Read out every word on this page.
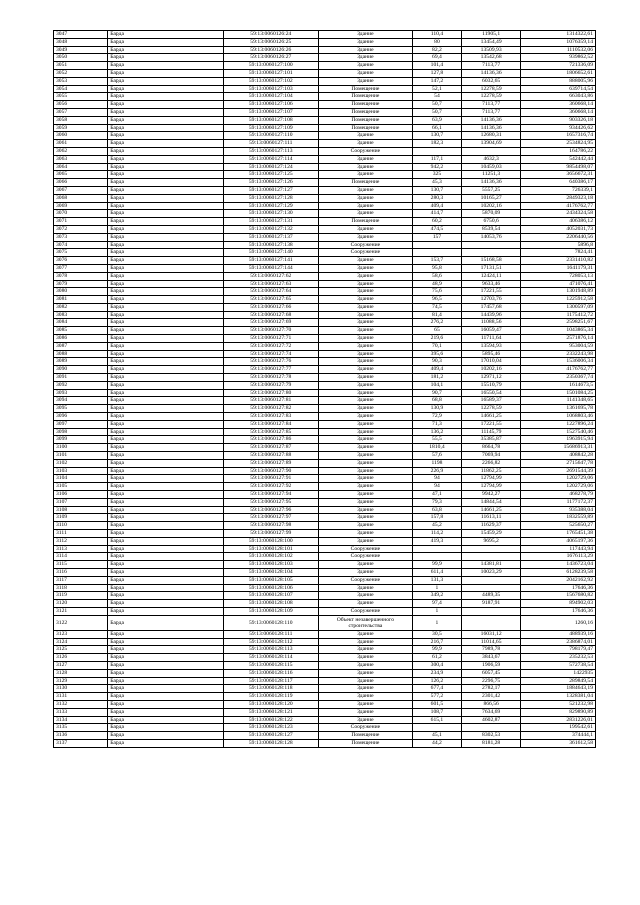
3047	Барда	59:13:0060126:24	Здание	110,4	11905,1	1314322,61
3048	Барда	59:13:0060126:25	Здание	80	13454,49	1076359,14
3049	Барда	59:13:0060126:26	Здание	82,2	13509,93	1110532,06
3050	Барда	59:13:0060126:27	Здание	69,4	13542,68	939862,52
3051	Барда	59:13:0060127:100	Здание	101,4	7113,77	721336,09
3052	Барда	59:13:0060127:101	Здание	127,8	14136,36	1806652,61
3053	Барда	59:13:0060127:102	Здание	147,2	6032,65	888005,96
3054	Барда	59:13:0060127:103	Помещение	52,1	12278,59	639714,54
3055	Барда	59:13:0060127:104	Помещение	54	12278,59	663043,86
3056	Барда	59:13:0060127:106	Помещение	50,7	7113,77	360668,14
3057	Барда	59:13:0060127:107	Помещение	50,7	7113,77	360668,14
3058	Барда	59:13:0060127:108	Помещение	63,9	14136,36	903326,18
3059	Барда	59:13:0060127:109	Помещение	66,1	14136,36	934426,62
3060	Барда	59:13:0060127:110	Здание	130,7	12680,31	1657316,74
3061	Барда	59:13:0060127:111	Здание	182,3	13904,69	2534824,95
3062	Барда	59:13:0060127:113	Сооружение			164786,22
3063	Барда	59:13:0060127:114	Здание	117,1	4632,3	542442,44
3064	Барда	59:13:0060127:124	Здание	942,2	10459,03	9854498,07
3065	Барда	59:13:0060127:125	Здание	325	11251,3	3656672,31
3066	Барда	59:13:0060127:126	Помещение	45,3	14136,36	640386,17
3067	Барда	59:13:0060127:127	Здание	130,7	5557,25	726339,1
3068	Барда	59:13:0060127:128	Здание	280,3	10165,27	2849323,18
3069	Барда	59:13:0060127:129	Здание	409,4	10202,16	4176762,77
3070	Барда	59:13:0060127:130	Здание	414,7	5870,09	2434324,58
3071	Барда	59:13:0060127:131	Помещение	60,2	6750,6	406386,12
3072	Барда	59:13:0060127:132	Здание	474,5	8539,54	4052031,73
3073	Барда	59:13:0060127:137	Здание	157	14053,76	2206440,56
3074	Барда	59:13:0060127:138	Сооружение			5896,8
3075	Барда	59:13:0060127:140	Сооружение			7824,41
3076	Барда	59:13:0060127:141	Здание	153,7	15168,58	2331410,82
3077	Барда	59:13:0060127:144	Здание	95,8	17131,51	1641179,31
3078	Барда	59:13:0060127:62	Здание	58,6	12424,11	728053,13
3079	Барда	59:13:0060127:63	Здание	48,9	9633,46	471076,41
3080	Барда	59:13:0060127:64	Здание	75,6	17221,55	1301948,89
3081	Барда	59:13:0060127:65	Здание	96,5	12703,76	1225912,58
3082	Барда	59:13:0060127:66	Здание	74,5	17457,68	1300597,09
3083	Барда	59:13:0060127:68	Здание	81,4	14439,96	1175412,72
3084	Барда	59:13:0060127:69	Здание	276,2	11088,56	2598251,67
3085	Барда	59:13:0060127:70	Здание	65	16059,47	1043865,34
3086	Барда	59:13:0060127:71	Здание	219,6	11711,64	2571876,14
3087	Барда	59:13:0060127:72	Здание	70,1	13594,93	953004,59
3088	Барда	59:13:0060127:74	Здание	395,6	5895,46	2332243,98
3089	Барда	59:13:0060127:76	Здание	90,3	17010,04	1536006,34
3090	Барда	59:13:0060127:77	Здание	409,4	10202,16	4176762,77
3091	Барда	59:13:0060127:78	Здание	181,2	12971,12	2350367,74
3092	Барда	59:13:0060127:79	Здание	104,1	15510,79	1614673,5
3093	Барда	59:13:0060127:80	Здание	90,7	16550,54	1501084,25
3094	Барда	59:13:0060127:81	Здание	68,8	16589,37	1141348,65
3095	Барда	59:13:0060127:82	Здание	130,9	12278,59	1361695,78
3096	Барда	59:13:0060127:83	Здание	72,9	14661,25	1068803,46
3097	Барда	59:13:0060127:84	Здание	71,3	17221,55	1227896,24
3098	Барда	59:13:0060127:85	Здание	136,2	11145,79	1527540,46
3099	Барда	59:13:0060127:86	Здание	55,5	35385,87	1963915,94
3100	Барда	59:13:0060127:87	Здание	1810,4	8664,78	15686913,31
3101	Барда	59:13:0060127:88	Здание	57,6	7069,94	408842,28
3102	Барда	59:13:0060127:89	Здание	1198	2266,82	2715647,78
3103	Барда	59:13:0060127:90	Здание	226,9	11862,25	2691544,39
3104	Барда	59:13:0060127:91	Здание	94	12794,99	1202729,06
3105	Барда	59:13:0060127:92	Здание	94	12794,99	1202729,06
3106	Барда	59:13:0060127:94	Здание	47,1	9942,27	468278,79
3107	Барда	59:13:0060127:95	Здание	79,3	14844,54	1177172,37
3108	Барда	59:13:0060127:96	Здание	63,8	14661,25	935388,04
3109	Барда	59:13:0060127:97	Здание	157,8	11613,11	1832559,89
3110	Барда	59:13:0060127:98	Здание	45,2	11629,37	525650,27
3111	Барда	59:13:0060127:99	Здание	114,2	15459,29	1765451,38
3112	Барда	59:13:0060128:100	Здание	419,3	9695,2	4065197,36
3113	Барда	59:13:0060128:101	Сооружение			117443,94
3114	Барда	59:13:0060128:102	Сооружение			1676113,29
3115	Барда	59:13:0060128:103	Здание	99,9	14381,81	1436723,04
3116	Барда	59:13:0060128:104	Здание	611,4	10023,29	6128239,58
3117	Барда	59:13:0060128:105	Сооружение	131,3		2042162,92
3118	Барда	59:13:0060128:106	Здание	1		17646,36
3119	Барда	59:13:0060128:107	Здание	349,2	4489,35	1567680,82
3120	Барда	59:13:0060128:108	Здание	97,4	9187,91	894902,03
3121	Барда	59:13:0060128:109	Сооружение	1		17646,36
3122	Барда	59:13:0060128:110	Объект незавершенного строительства	1		1260,16
3123	Барда	59:13:0060128:111	Здание	30,5	16031,12	488939,16
3124	Барда	59:13:0060128:112	Здание	216,7	11014,65	2386874,01
3125	Барда	59:13:0060128:113	Здание	99,9	7989,78	798179,47
3126	Барда	59:13:0060128:114	Здание	61,2	3843,67	235232,53
3127	Барда	59:13:0060128:115	Здание	300,4	1906,59	572738,54
3128	Барда	59:13:0060128:116	Здание	234,9	6057,45	1422935
3129	Барда	59:13:0060128:117	Здание	126,2	2296,75	289849,54
3130	Барда	59:13:0060128:118	Здание	677,4	2782,17	1884643,19
3131	Барда	59:13:0060128:119	Здание	577,2	2301,42	1328381,04
3132	Барда	59:13:0060128:120	Здание	601,5	866,56	521232,98
3133	Барда	59:13:0060128:121	Здание	108,7	7634,69	829890,89
3134	Барда	59:13:0060128:122	Здание	615,1	4602,87	2831226,01
3135	Барда	59:13:0060128:123	Сооружение			199542,61
3136	Барда	59:13:0060128:127	Помещение	45,1	8302,53	374444,1
3137	Барда	59:13:0060128:128	Помещение	44,2	8181,28	361612,58
